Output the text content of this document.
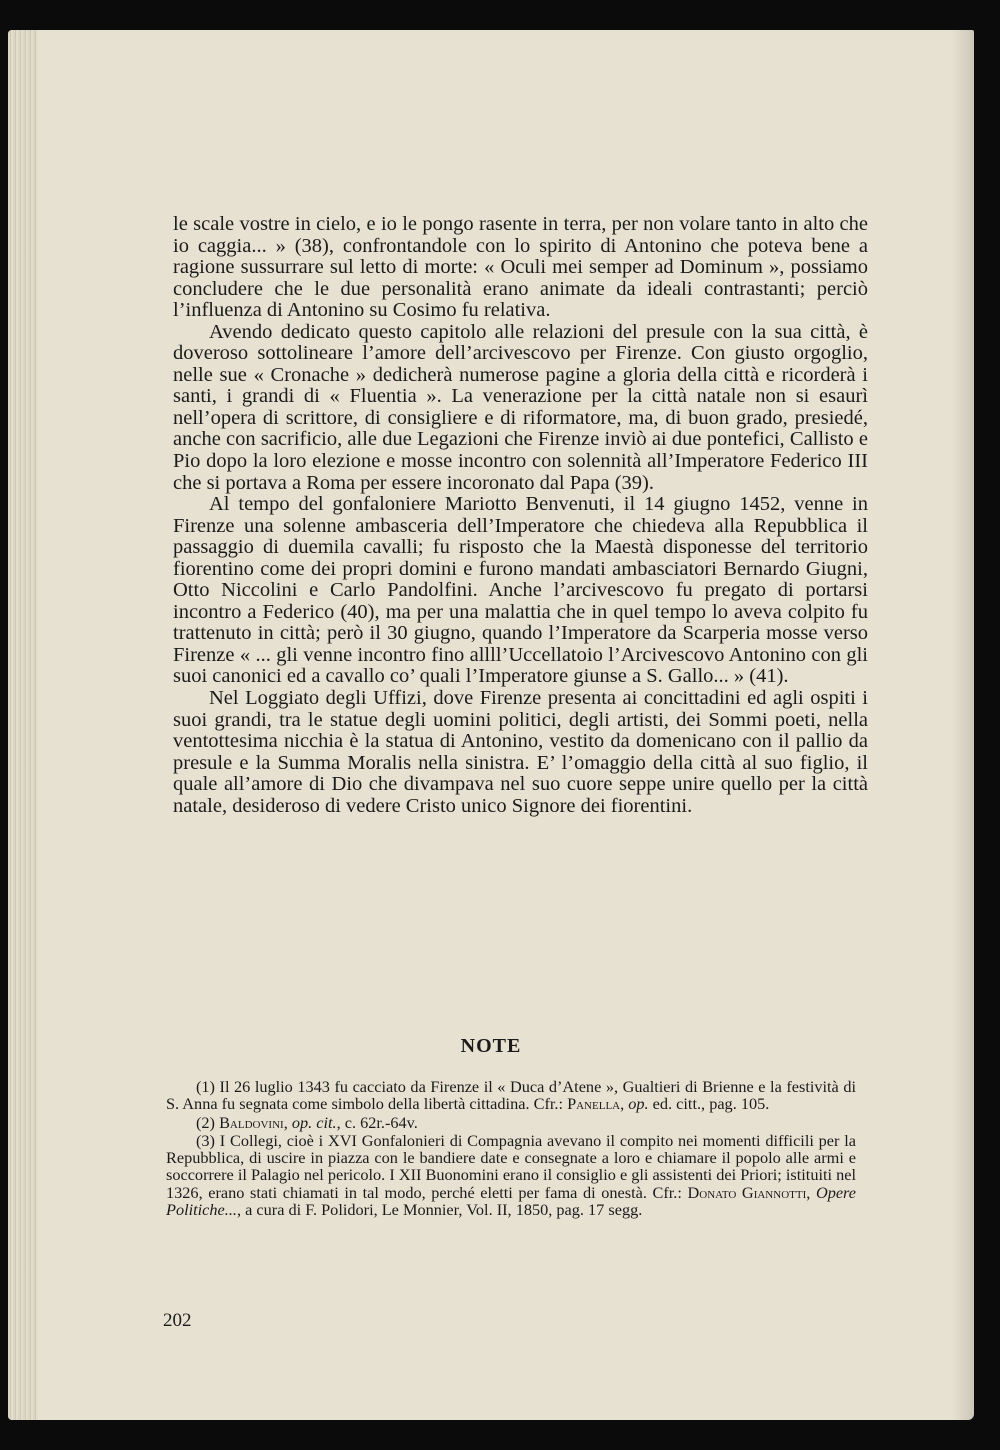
le scale vostre in cielo, e io le pongo rasente in terra, per non volare tanto in alto che io caggia... » (38), confrontandole con lo spirito di Antonino che poteva bene a ragione sussurrare sul letto di morte: « Oculi mei semper ad Dominum », possiamo concludere che le due personalità erano animate da ideali contrastanti; perciò l’influenza di Antonino su Cosimo fu relativa.

Avendo dedicato questo capitolo alle relazioni del presule con la sua città, è doveroso sottolineare l’amore dell’arcivescovo per Firenze. Con giusto orgoglio, nelle sue « Cronache » dedicherà numerose pagine a gloria della città e ricorderà i santi, i grandi di « Fluentia ». La venerazione per la città natale non si esaurì nell’opera di scrittore, di consigliere e di riformatore, ma, di buon grado, presiedé, anche con sacrificio, alle due Legazioni che Firenze inviò ai due pontefici, Callisto e Pio dopo la loro elezione e mosse incontro con solennità all’Imperatore Federico III che si portava a Roma per essere incoronato dal Papa (39).

Al tempo del gonfaloniere Mariotto Benvenuti, il 14 giugno 1452, venne in Firenze una solenne ambasceria dell’Imperatore che chiedeva alla Repubblica il passaggio di duemila cavalli; fu risposto che la Maestà disponesse del territorio fiorentino come dei propri domini e furono mandati ambasciatori Bernardo Giugni, Otto Niccolini e Carlo Pandolfini. Anche l’arcivescovo fu pregato di portarsi incontro a Federico (40), ma per una malattia che in quel tempo lo aveva colpito fu trattenuto in città; però il 30 giugno, quando l’Imperatore da Scarperia mosse verso Firenze « ... gli venne incontro fino allll’Uccellatoio l’Arcivescovo Antonino con gli suoi canonici ed a cavallo co’ quali l’Imperatore giunse a S. Gallo... » (41).

Nel Loggiato degli Uffizi, dove Firenze presenta ai concittadini ed agli ospiti i suoi grandi, tra le statue degli uomini politici, degli artisti, dei Sommi poeti, nella ventottesima nicchia è la statua di Antonino, vestito da domenicano con il pallio da presule e la Summa Moralis nella sinistra. E’ l’omaggio della città al suo figlio, il quale all’amore di Dio che divampava nel suo cuore seppe unire quello per la città natale, desideroso di vedere Cristo unico Signore dei fiorentini.

NOTE

(1) Il 26 luglio 1343 fu cacciato da Firenze il « Duca d’Atene », Gualtieri di Brienne e la festività di S. Anna fu segnata come simbolo della libertà cittadina. Cfr.: Panella, op. ed. citt., pag. 105.

(2) Baldovini, op. cit., c. 62r.-64v.

(3) I Collegi, cioè i XVI Gonfalonieri di Compagnia avevano il compito nei momenti difficili per la Repubblica, di uscire in piazza con le bandiere date e consegnate a loro e chiamare il popolo alle armi e soccorrere il Palagio nel pericolo. I XII Buonomini erano il consiglio e gli assistenti dei Priori; istituiti nel 1326, erano stati chiamati in tal modo, perché eletti per fama di onestà. Cfr.: Donato Giannotti, Opere Politiche..., a cura di F. Polidori, Le Monnier, Vol. II, 1850, pag. 17 segg.

202
